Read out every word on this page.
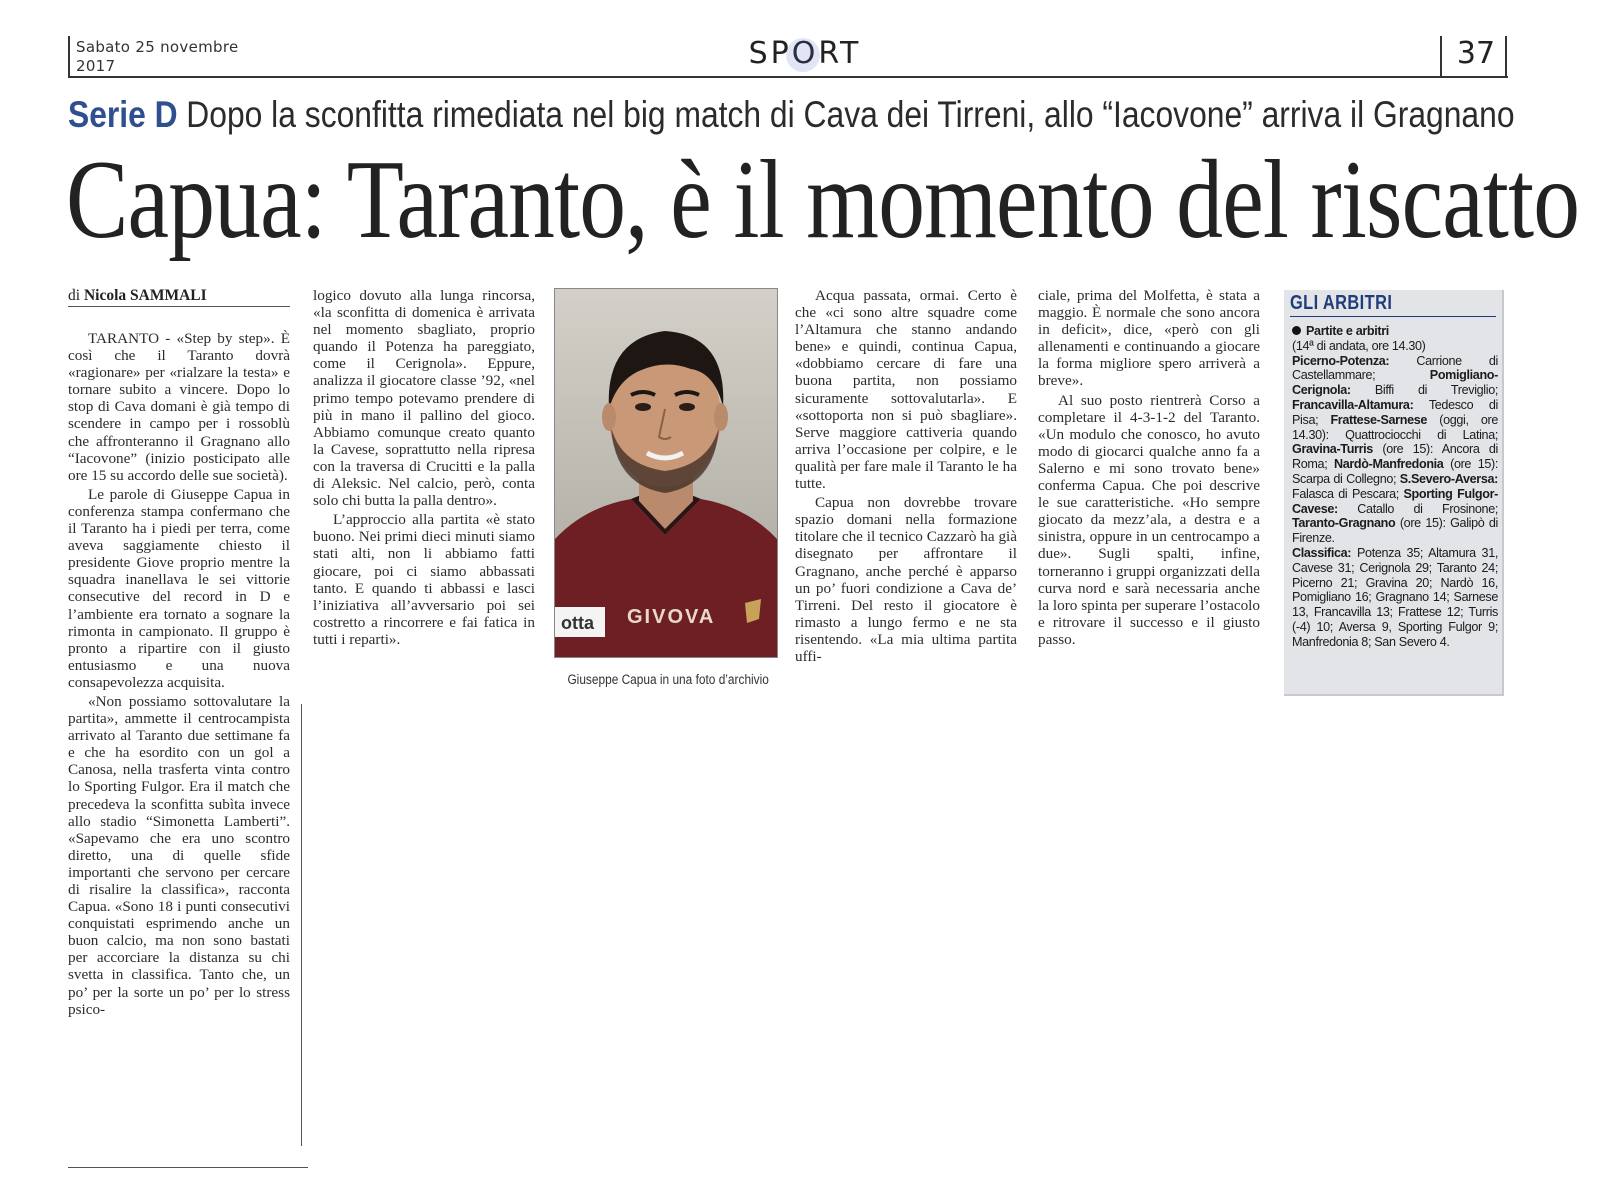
Sabato 25 novembre
2017	SPORT	37
Serie D Dopo la sconfitta rimediata nel big match di Cava dei Tirreni, allo “Iacovone” arriva il Gragnano
Capua: Taranto, è il momento del riscatto
di Nicola SAMMALI

TARANTO - «Step by step». È così che il Taranto dovrà «ragionare» per «rialzare la testa» e tornare subito a vincere. Dopo lo stop di Cava domani è già tempo di scendere in campo per i rossoblù che affronteranno il Gragnano allo “Iacovone” (inizio posticipato alle ore 15 su accordo delle sue società).

Le parole di Giuseppe Capua in conferenza stampa confermano che il Taranto ha i piedi per terra, come aveva saggiamente chiesto il presidente Giove proprio mentre la squadra inanellava le sei vittorie consecutive del record in D e l’ambiente era tornato a sognare la rimonta in campionato. Il gruppo è pronto a ripartire con il giusto entusiasmo e una nuova consapevolezza acquisita.

«Non possiamo sottovalutare la partita», ammette il centrocampista arrivato al Taranto due settimane fa e che ha esordito con un gol a Canosa, nella trasferta vinta contro lo Sporting Fulgor. Era il match che precedeva la sconfitta subìta invece allo stadio “Simonetta Lamberti”. «Sapevamo che era uno scontro diretto, una di quelle sfide importanti che servono per cercare di risalire la classifica», racconta Capua. «Sono 18 i punti consecutivi conquistati esprimendo anche un buon calcio, ma non sono bastati per accorciare la distanza su chi svetta in classifica. Tanto che, un po’ per la sorte un po’ per lo stress psico-

logico dovuto alla lunga rincorsa, «la sconfitta di domenica è arrivata nel momento sbagliato, proprio quando il Potenza ha pareggiato, come il Cerignola». Eppure, analizza il giocatore classe ’92, «nel primo tempo potevamo prendere di più in mano il pallino del gioco. Abbiamo comunque creato quanto la Cavese, soprattutto nella ripresa con la traversa di Crucitti e la palla di Aleksic. Nel calcio, però, conta solo chi butta la palla dentro».

L’approccio alla partita «è stato buono. Nei primi dieci minuti siamo stati alti, non li abbiamo fatti giocare, poi ci siamo abbassati tanto. E quando ti abbassi e lasci l’iniziativa all’avversario poi sei costretto a rincorrere e fai fatica in tutti i reparti».

otta GIVOVA
Giuseppe Capua in una foto d’archivio

Acqua passata, ormai. Certo è che «ci sono altre squadre come l’Altamura che stanno andando bene» e quindi, continua Capua, «dobbiamo cercare di fare una buona partita, non possiamo sicuramente sottovalutarla». E «sottoporta non si può sbagliare». Serve maggiore cattiveria quando arriva l’occasione per colpire, e le qualità per fare male il Taranto le ha tutte.

Capua non dovrebbe trovare spazio domani nella formazione titolare che il tecnico Cazzarò ha già disegnato per affrontare il Gragnano, anche perché è apparso un po’ fuori condizione a Cava de’ Tirreni. Del resto il giocatore è rimasto a lungo fermo e ne sta risentendo. «La mia ultima partita uffi-

ciale, prima del Molfetta, è stata a maggio. È normale che sono ancora in deficit», dice, «però con gli allenamenti e continuando a giocare la forma migliore spero arriverà a breve».

Al suo posto rientrerà Corso a completare il 4-3-1-2 del Taranto. «Un modulo che conosco, ho avuto modo di giocarci qualche anno fa a Salerno e mi sono trovato bene» conferma Capua. Che poi descrive le sue caratteristiche. «Ho sempre giocato da mezz’ala, a destra e a sinistra, oppure in un centrocampo a due». Sugli spalti, infine, torneranno i gruppi organizzati della curva nord e sarà necessaria anche la loro spinta per superare l’ostacolo e ritrovare il successo e il giusto passo.

GLI ARBITRI
Partite e arbitri
(14ª di andata, ore 14.30)
Picerno-Potenza: Carrione di Castellammare;	Pomigliano-Cerignola: Biffi di Treviglio; Francavilla-Altamura: Tedesco di Pisa; Frattese-Sarnese (oggi, ore 14.30): Quattrociocchi di Latina; Gravina-Turris (ore 15): Ancora di Roma; Nardò-Manfredonia (ore 15): Scarpa di Collegno; S.Severo-Aversa: Falasca di Pescara; Sporting Fulgor-Cavese: Catallo di Frosinone; Taranto-Gragnano (ore 15): Galipò di Firenze.
Classifica: Potenza 35; Altamura 31, Cavese 31; Cerignola 29; Taranto 24; Picerno 21; Gravina 20; Nardò 16, Pomigliano 16; Gragnano 14; Sarnese 13, Francavilla 13; Frattese 12; Turris (-4) 10; Aversa 9, Sporting Fulgor 9; Manfredonia 8; San Severo 4.
